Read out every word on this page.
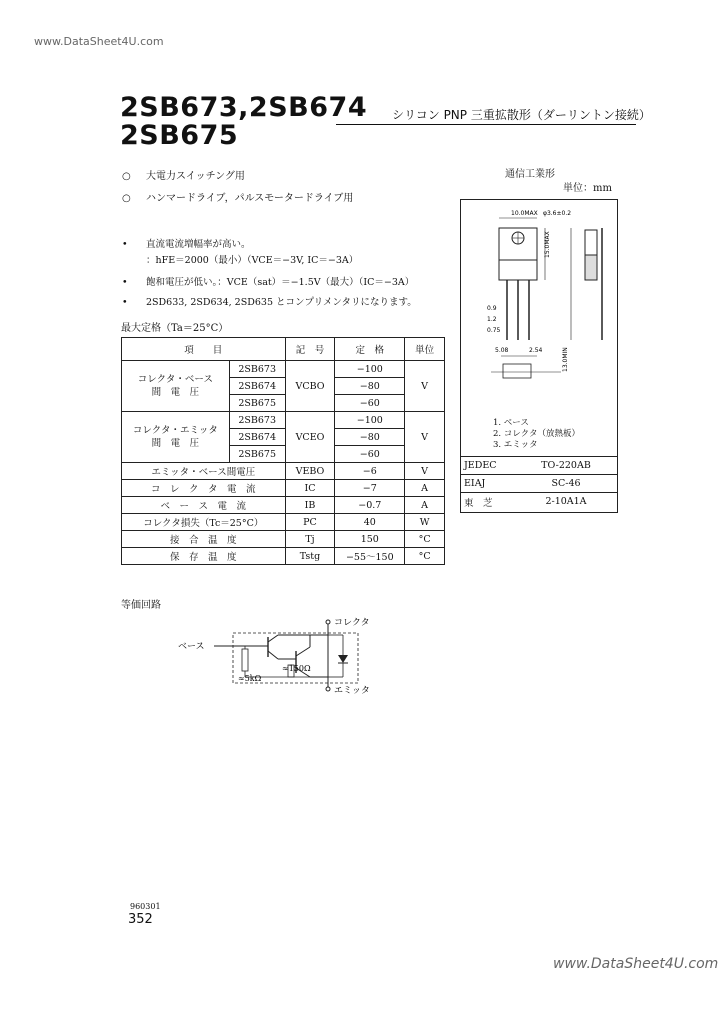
www.DataSheet4U.com
2SB673,2SB674
2SB675
シリコン PNP 三重拡散形（ダーリントン接続）
○ 大電力スイッチング用
○ ハンマードライブ，パルスモータードライブ用
• 直流電流増幅率が高い。
：hFE＝2000（最小）（VCE＝−3V, IC＝−3A）
• 飽和電圧が低い。：VCE（sat）＝−1.5V（最大）（IC＝−3A）
• 2SD633, 2SD634, 2SD635 とコンプリメンタリになります。
最大定格（Ta＝25°C）
項　　目		記　号	定　格	単位
コレクタ・ベース
間　電　圧	2SB673	VCBO	−100	V
	2SB674		−80	
	2SB675		−60	
コレクタ・エミッタ
間　電　圧	2SB673	VCEO	−100	V
	2SB674		−80	
	2SB675		−60	
エミッタ・ベース間電圧		VEBO	−6	V
コ　レ　ク　タ　電　流		IC	−7	A
ベ　ー　ス　電　流		IB	−0.7	A
コレクタ損失（Tc＝25°C）		PC	40	W
接　合　温　度		Tj	150	°C
保　存　温　度		Tstg	−55〜150	°C
通信工業形
単位：mm
10.0MAX φ3.6±0.2
15.0MAX
0.9
1.2
0.75
2.54
5.08	13.0MIN
1. ベース
2. コレクタ（放熱板）
3. エミッタ
JEDEC	TO-220AB
EIAJ	SC-46
東　芝	2-10A1A
等価回路
ベース
コレクタ
エミッタ
≈5kΩ
≈150Ω
960301
352
www.DataSheet4U.com
